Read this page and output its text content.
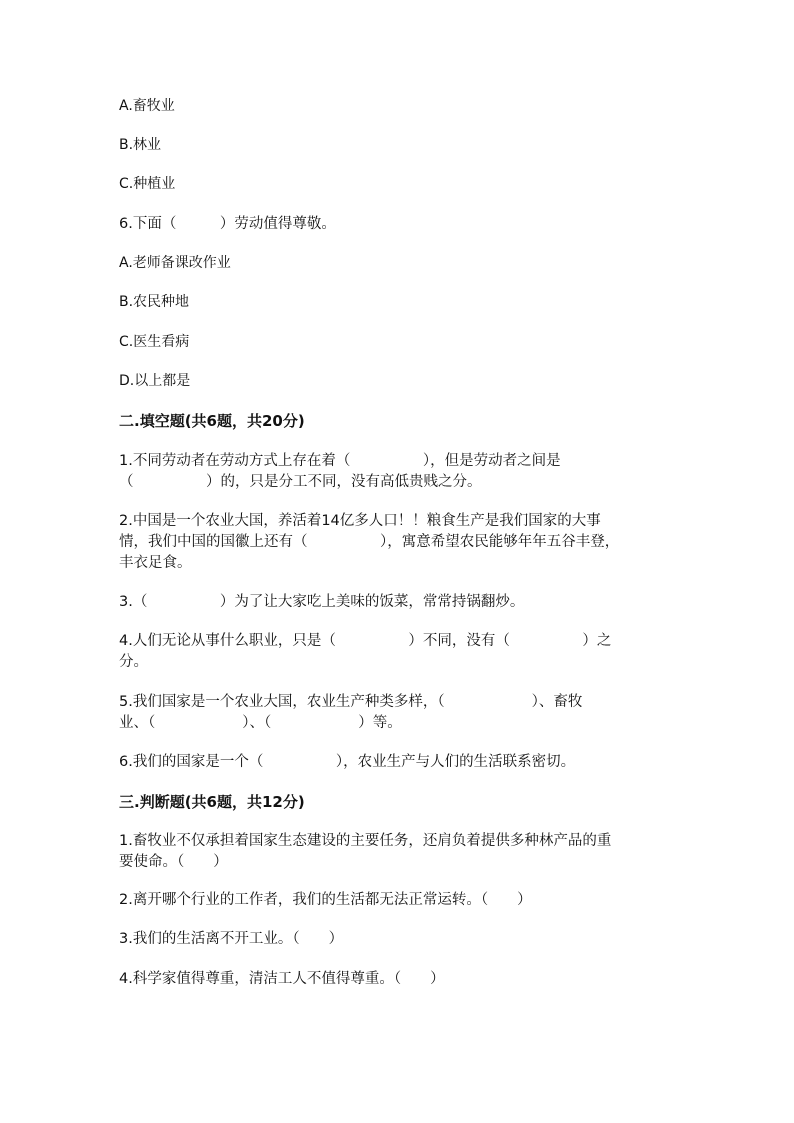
A.畜牧业
B.林业
C.种植业
6.下面（　　　）劳动值得尊敬。
A.老师备课改作业
B.农民种地
C.医生看病
D.以上都是
二.填空题(共6题，共20分)
1.不同劳动者在劳动方式上存在着（　　　　　），但是劳动者之间是
（　　　　　）的，只是分工不同，没有高低贵贱之分。
2.中国是一个农业大国，养活着14亿多人口！！粮食生产是我们国家的大事
情，我们中国的国徽上还有（　　　　　），寓意希望农民能够年年五谷丰登，
丰衣足食。
3.（　　　　　）为了让大家吃上美味的饭菜，常常持锅翻炒。
4.人们无论从事什么职业，只是（　　　　　）不同，没有（　　　　　）之
分。
5.我们国家是一个农业大国，农业生产种类多样，（　　　　　　）、畜牧
业、（　　　　　　）、（　　　　　　）等。
6.我们的国家是一个（　　　　　），农业生产与人们的生活联系密切。
三.判断题(共6题，共12分)
1.畜牧业不仅承担着国家生态建设的主要任务，还肩负着提供多种林产品的重
要使命。（　　）
2.离开哪个行业的工作者，我们的生活都无法正常运转。（　　）
3.我们的生活离不开工业。（　　）
4.科学家值得尊重，清洁工人不值得尊重。（　　）
